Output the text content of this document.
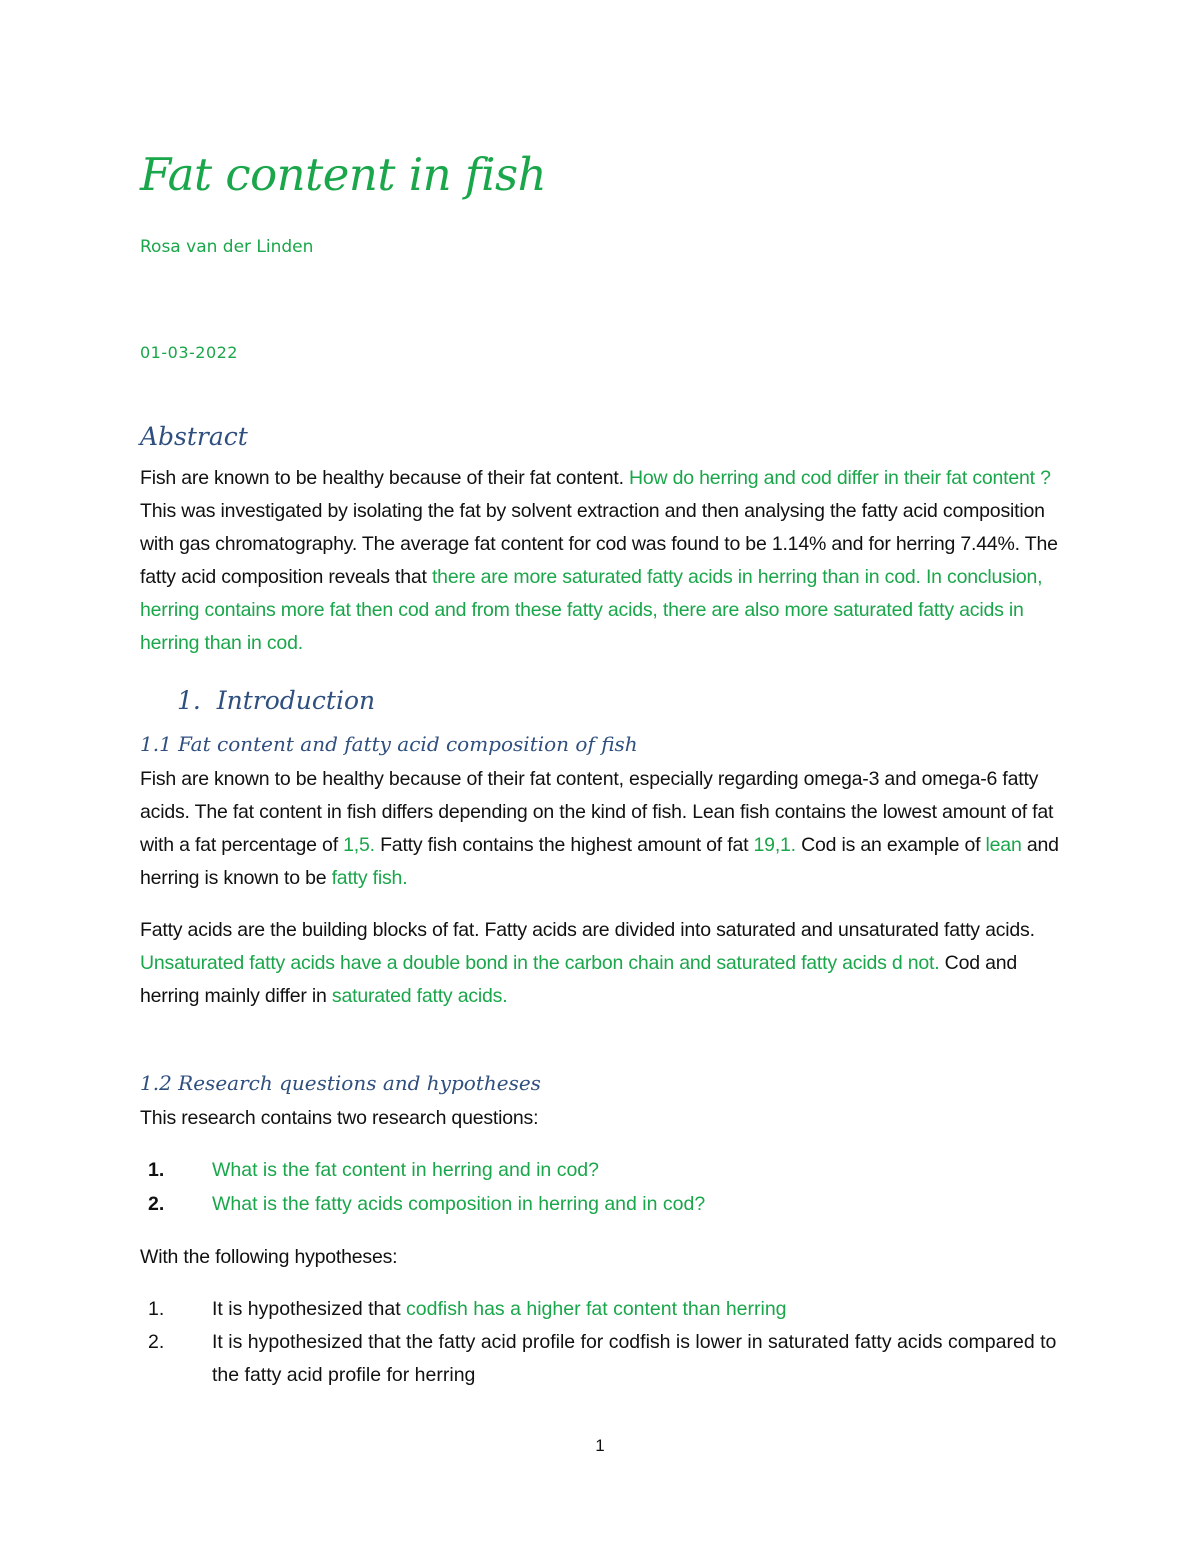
Fat content in fish
Rosa van der Linden
01-03-2022
Abstract

Fish are known to be healthy because of their fat content. How do herring and cod differ in their fat content ? This was investigated by isolating the fat by solvent extraction and then analysing the fatty acid composition with gas chromatography. The average fat content for cod was found to be 1.14% and for herring 7.44%. The fatty acid composition reveals that there are more saturated fatty acids in herring than in cod. In conclusion, herring contains more fat then cod and from these fatty acids, there are also more saturated fatty acids in herring than in cod.

1. Introduction
1.1 Fat content and fatty acid composition of fish

Fish are known to be healthy because of their fat content, especially regarding omega-3 and omega-6 fatty acids. The fat content in fish differs depending on the kind of fish. Lean fish contains the lowest amount of fat with a fat percentage of 1,5. Fatty fish contains the highest amount of fat 19,1. Cod is an example of lean and herring is known to be fatty fish.

Fatty acids are the building blocks of fat. Fatty acids are divided into saturated and unsaturated fatty acids. Unsaturated fatty acids have a double bond in the carbon chain and saturated fatty acids d not. Cod and herring mainly differ in saturated fatty acids.

1.2 Research questions and hypotheses

This research contains two research questions:

1. What is the fat content in herring and in cod?
2. What is the fatty acids composition in herring and in cod?

With the following hypotheses:

1. It is hypothesized that codfish has a higher fat content than herring
2. It is hypothesized that the fatty acid profile for codfish is lower in saturated fatty acids compared to the fatty acid profile for herring
1
